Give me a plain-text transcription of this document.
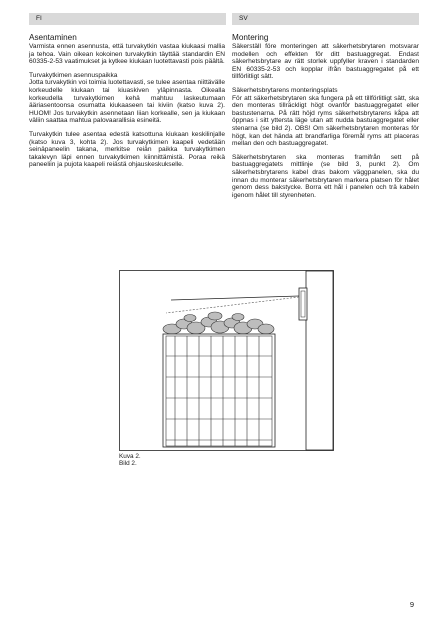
FI	SV
Asentaminen

Varmista ennen asennusta, että turvakytkin vastaa kiukaasi mallia ja tehoa. Vain oikean kokoinen turvakytkin täyttää standardin EN 60335-2-53 vaatimukset ja kytkee kiukaan luotettavasti pois päältä.

Turvakytkimen asennuspaikka

Jotta turvakytkin voi toimia luotettavasti, se tulee asentaa niittävälle korkeudelle kiukaan tai kiuaskiven yläpinnasta. Oikealla korkeudella turvakytkimen kehä mahtuu laskeutumaan ääriasentoonsa osumatta kiukaaseen tai kiviin (katso kuva 2). HUOM! Jos turvakytkin asennetaan liian korkealle, sen ja kiukaan väliin saattaa mahtua palovaarallisia esineitä.

Turvakytkin tulee asentaa edestä katsottuna kiukaan keskilinjalle (katso kuva 3, kohta 2). Jos turvakytkimen kaapeli vedetään seinäpaneelin takana, merkitse reiän paikka turvakytkimen takalevyn läpi ennen turvakytkimen kiinnittämistä. Poraa reikä paneeliin ja pujota kaapeli reiästä ohjauskeskukselle.

Montering

Säkerställ före monteringen att säkerhetsbrytaren motsvarar modellen och effekten för ditt bastuaggregat. Endast säkerhetsbrytare av rätt storlek uppfyller kraven i standarden EN 60335-2-53 och kopplar ifrån bastuaggregatet på ett tillförlitligt sätt.

Säkerhetsbrytarens monteringsplats

För att säkerhetsbrytaren ska fungera på ett tillförlitligt sätt, ska den monteras tillräckligt högt ovanför bastuaggregatet eller bastustenarna. På rätt höjd ryms säkerhetsbrytarens kåpa att öppnas i sitt yttersta läge utan att nudda bastuaggregatet eller stenarna (se bild 2). OBS! Om säkerhetsbrytaren monteras för högt, kan det hända att brandfarliga föremål ryms att placeras mellan den och bastuaggregatet.

Säkerhetsbrytaren ska monteras framifrån sett på bastuaggregatets mittlinje (se bild 3, punkt 2). Om säkerhetsbrytarens kabel dras bakom väggpanelen, ska du innan du monterar säkerhetsbrytaren markera platsen för hålet genom dess bakstycke. Borra ett hål i panelen och trä kabeln igenom hålet till styrenheten.

Kuva 2.
Bild 2.
9
